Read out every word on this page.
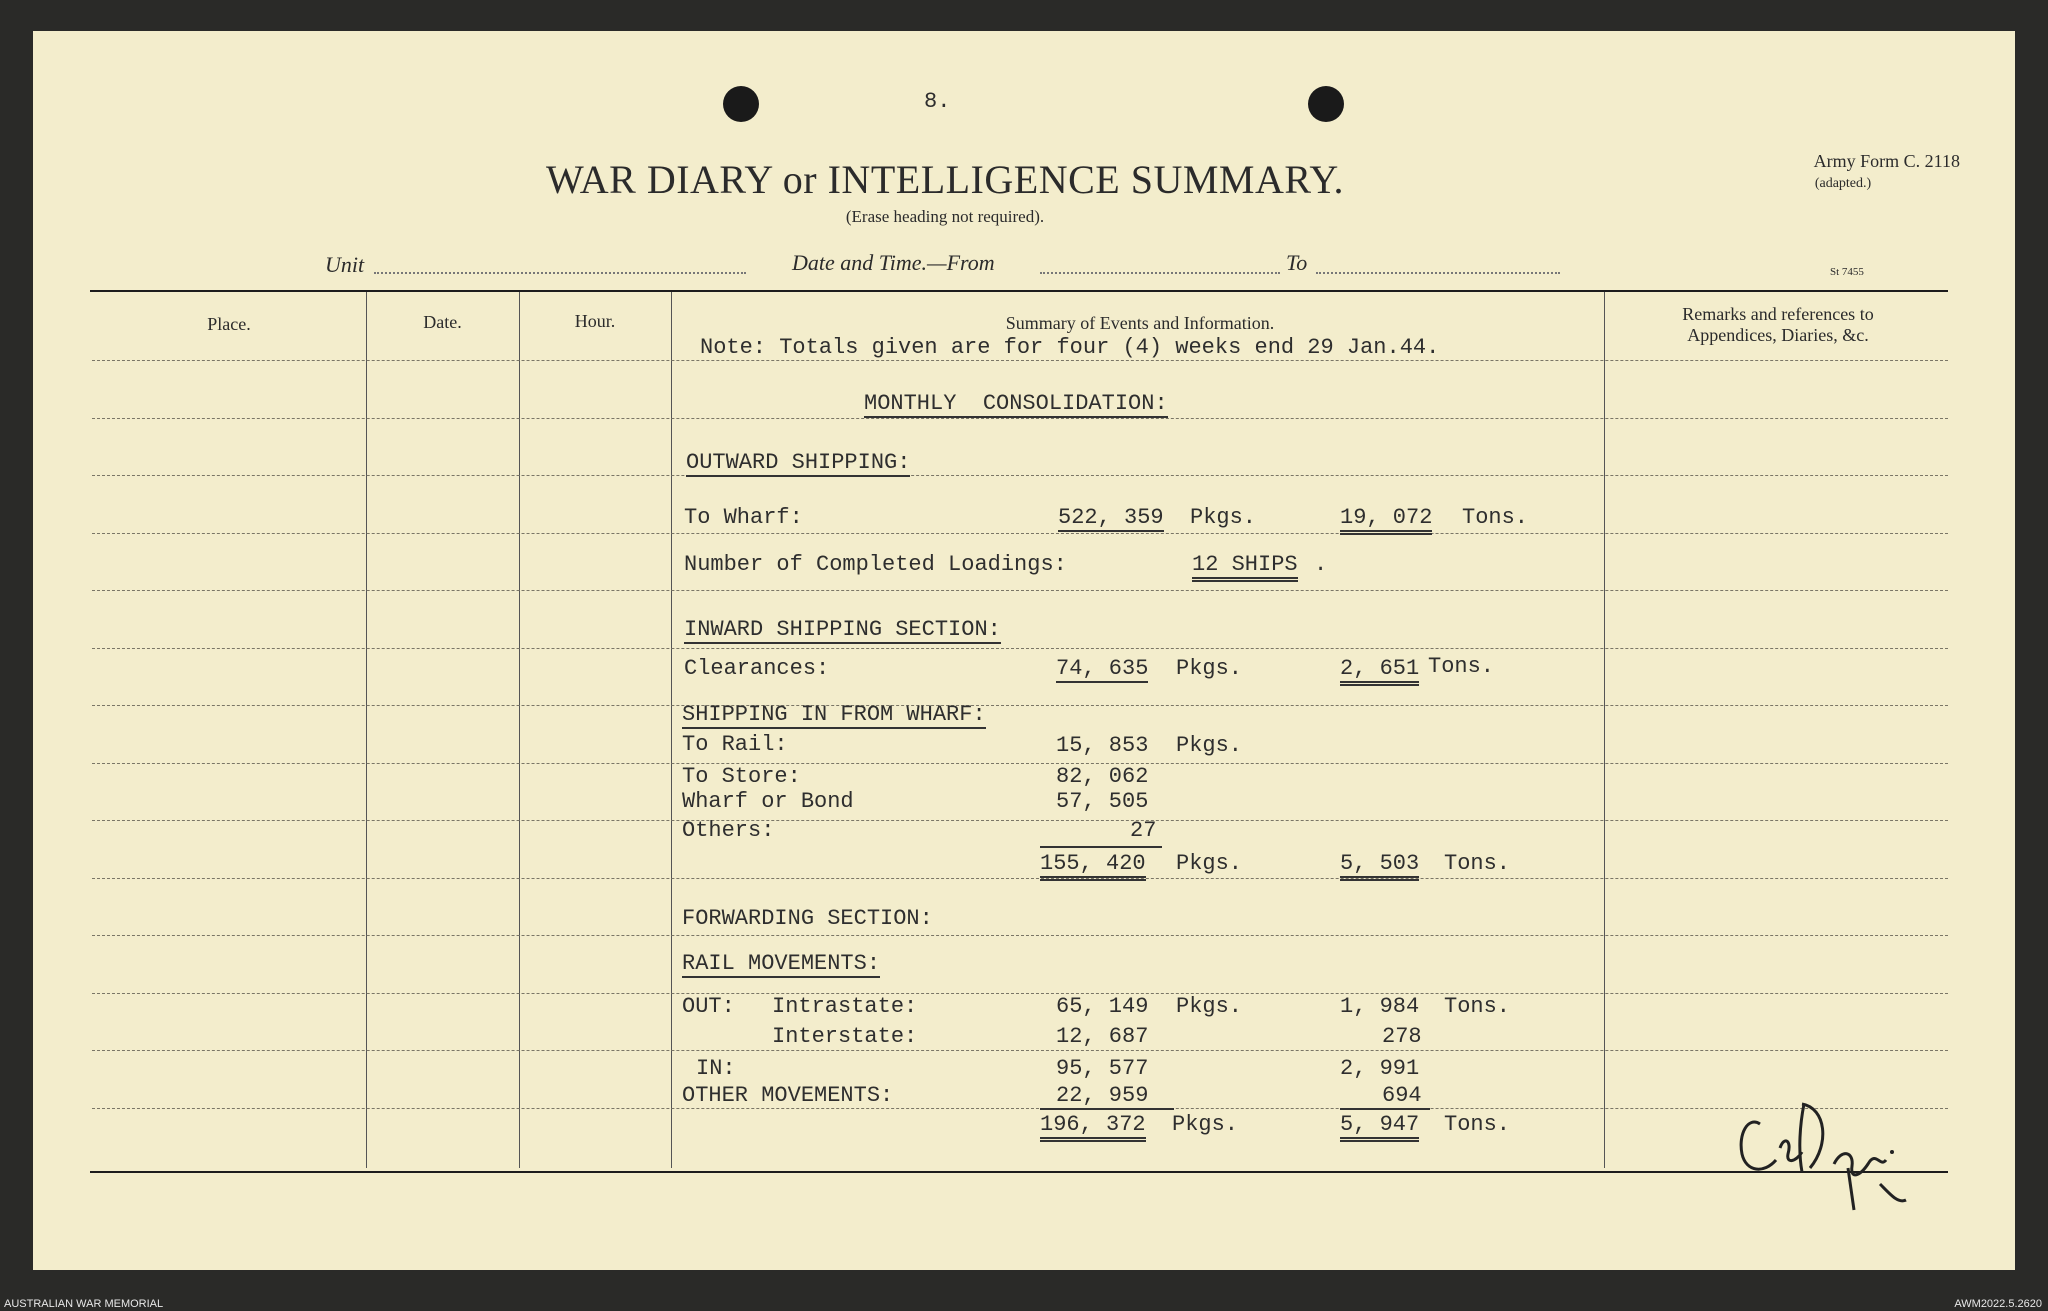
8.
WAR DIARY or INTELLIGENCE SUMMARY.
(Erase heading not required).
Army Form C. 2118
(adapted.)
St 7455
Unit	Date and Time.—From	To
Place.	Date.	Hour.	Summary of Events and Information.	Remarks and references to
Appendices, Diaries, &c.
Note: Totals given are for four (4) weeks end 29 Jan.44.
MONTHLY  CONSOLIDATION:
OUTWARD SHIPPING:
To Wharf:	522, 359 Pkgs.	19, 072 Tons.
Number of Completed Loadings:	12 SHIPS .
INWARD SHIPPING SECTION:
Clearances:	74, 635 Pkgs.	2, 651 Tons.
SHIPPING IN FROM WHARF:
To Rail:	15, 853 Pkgs.
To Store:	82, 062
Wharf or Bond	57, 505
Others:	27
155, 420 Pkgs.	5, 503 Tons.
FORWARDING SECTION:
RAIL MOVEMENTS:
OUT: Intrastate:	65, 149 Pkgs.	1, 984 Tons.
Interstate:	12, 687	278
IN:	95, 577	2, 991
OTHER MOVEMENTS:	22, 959	694
196, 372 Pkgs.	5, 947 Tons.
AUSTRALIAN WAR MEMORIAL	AWM2022.5.2620
